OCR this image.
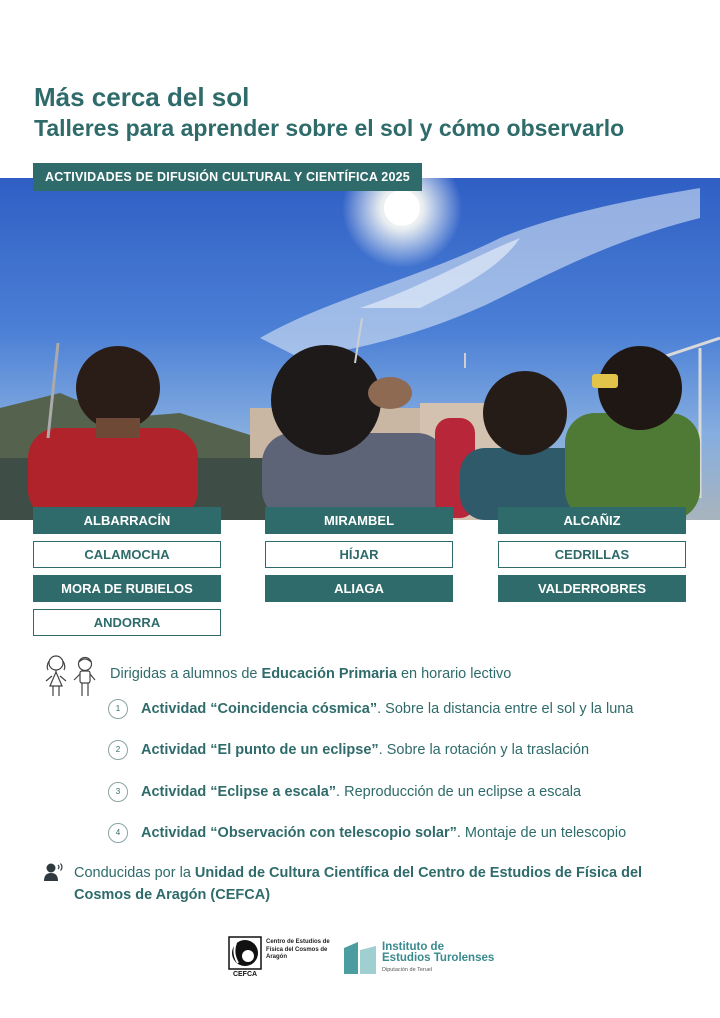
Más cerca del sol
Talleres para aprender sobre el sol y cómo observarlo
ACTIVIDADES DE DIFUSIÓN CULTURAL Y CIENTÍFICA 2025
ALBARRACÍN	MIRAMBEL	ALCAÑIZ
CALAMOCHA	HÍJAR	CEDRILLAS
MORA DE RUBIELOS	ALIAGA	VALDERROBRES
ANDORRA
Dirigidas a alumnos de Educación Primaria en horario lectivo
1	Actividad “Coincidencia cósmica”. Sobre la distancia entre el sol y la luna
2	Actividad “El punto de un eclipse”. Sobre la rotación y la traslación
3	Actividad “Eclipse a escala”. Reproducción de un eclipse a escala
4	Actividad “Observación con telescopio solar”. Montaje de un telescopio
Conducidas por la Unidad de Cultura Científica del Centro de Estudios de Física del Cosmos de Aragón (CEFCA)
CEFCA
Centro de Estudios de Física del Cosmos de Aragón
Instituto de
Estudios Turolenses
Diputación de Teruel
